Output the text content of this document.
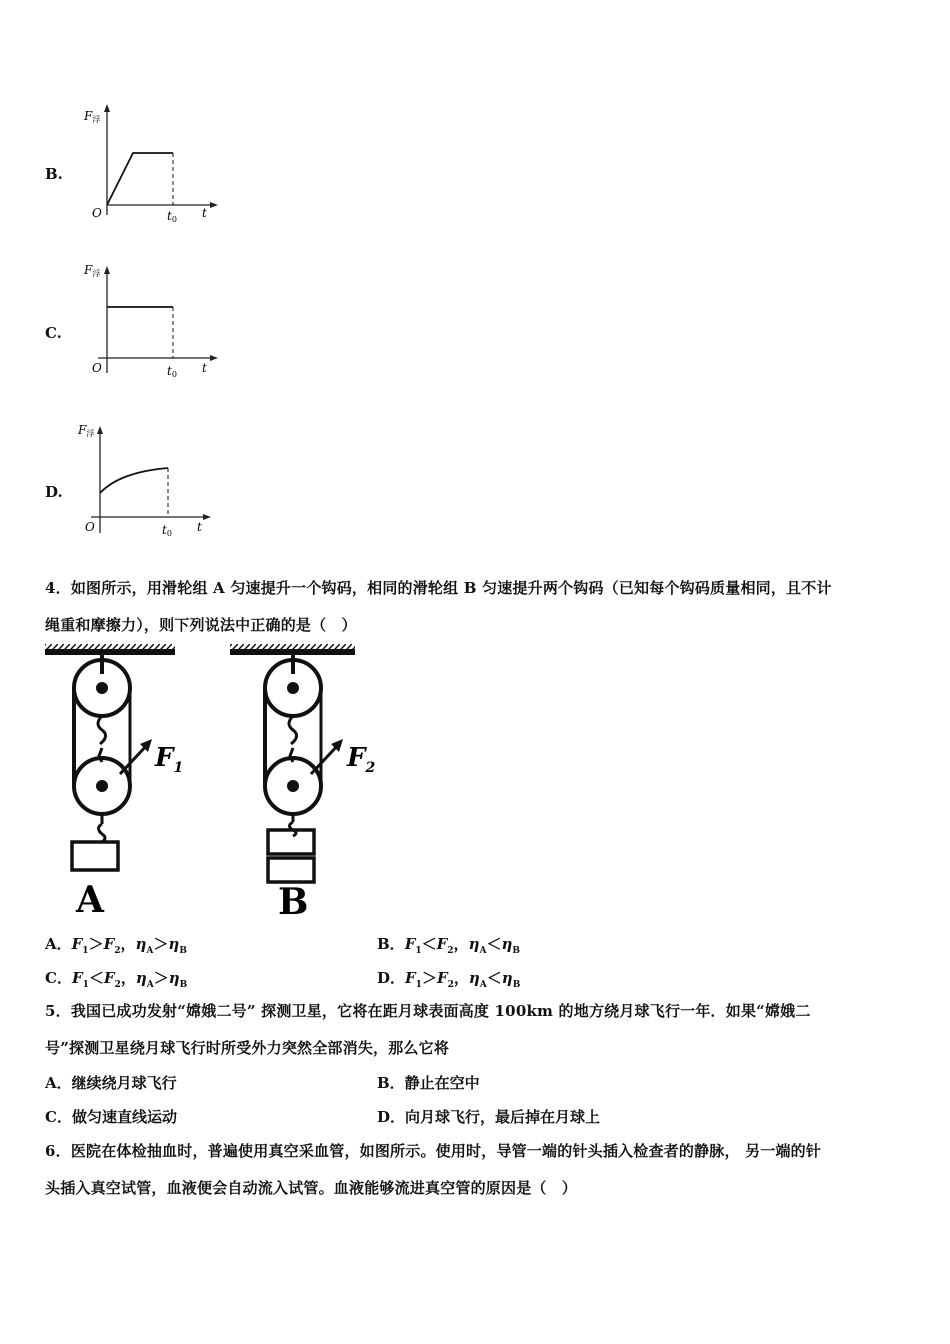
B.
F浮
O	t0 t
C.
F浮
O	t0 t
D.
F浮
O	t0 t
4．如图所示，用滑轮组 A 匀速提升一个钩码，相同的滑轮组 B 匀速提升两个钩码（已知每个钩码质量相同，且不计
绳重和摩擦力），则下列说法中正确的是（　）
$F_1$
A
$F_2$
B
A．$F_1>F_2$，$\eta_A>\eta_B$	B．$F_1<F_2$，$\eta_A<\eta_B$
C．$F_1<F_2$，$\eta_A>\eta_B$	D．$F_1>F_2$，$\eta_A<\eta_B$
5．我国已成功发射“嫦娥二号” 探测卫星，它将在距月球表面高度 100km 的地方绕月球飞行一年．如果“嫦娥二
号”探测卫星绕月球飞行时所受外力突然全部消失，那么它将
A．继续绕月球飞行	B．静止在空中
C．做匀速直线运动	D．向月球飞行，最后掉在月球上
6．医院在体检抽血时，普遍使用真空采血管，如图所示。使用时，导管一端的针头插入检查者的静脉， 另一端的针
头插入真空试管，血液便会自动流入试管。血液能够流进真空管的原因是（　）
